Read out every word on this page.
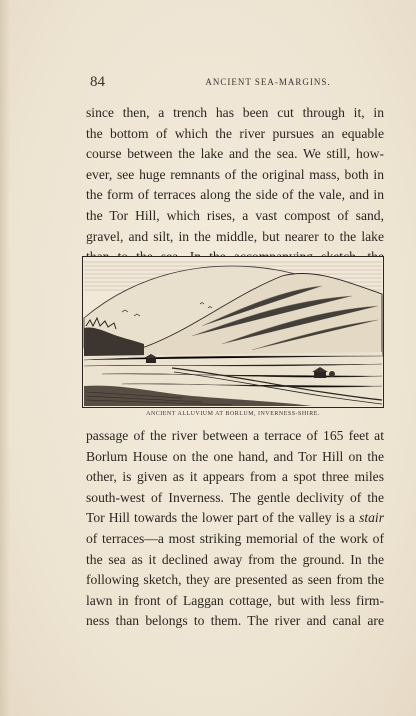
84	ANCIENT SEA-MARGINS.
since then, a trench has been cut through it, in
the bottom of which the river pursues an equable
course between the lake and the sea. We still, how-
ever, see huge remnants of the original mass, both in
the form of terraces along the side of the vale, and in
the Tor Hill, which rises, a vast compost of sand,
gravel, and silt, in the middle, but nearer to the lake
ANCIENT ALLUVIUM AT BORLUM, INVERNESS-SHIRE.
passage of the river between a terrace of 165 feet at
Borlum House on the one hand, and Tor Hill on the
other, is given as it appears from a spot three miles
south-west of Inverness. The gentle declivity of the
Tor Hill towards the lower part of the valley is a stair
of terraces—a most striking memorial of the work of
the sea as it declined away from the ground. In the
following sketch, they are presented as seen from the
lawn in front of Laggan cottage, but with less firm-
ness than belongs to them. The river and canal are
